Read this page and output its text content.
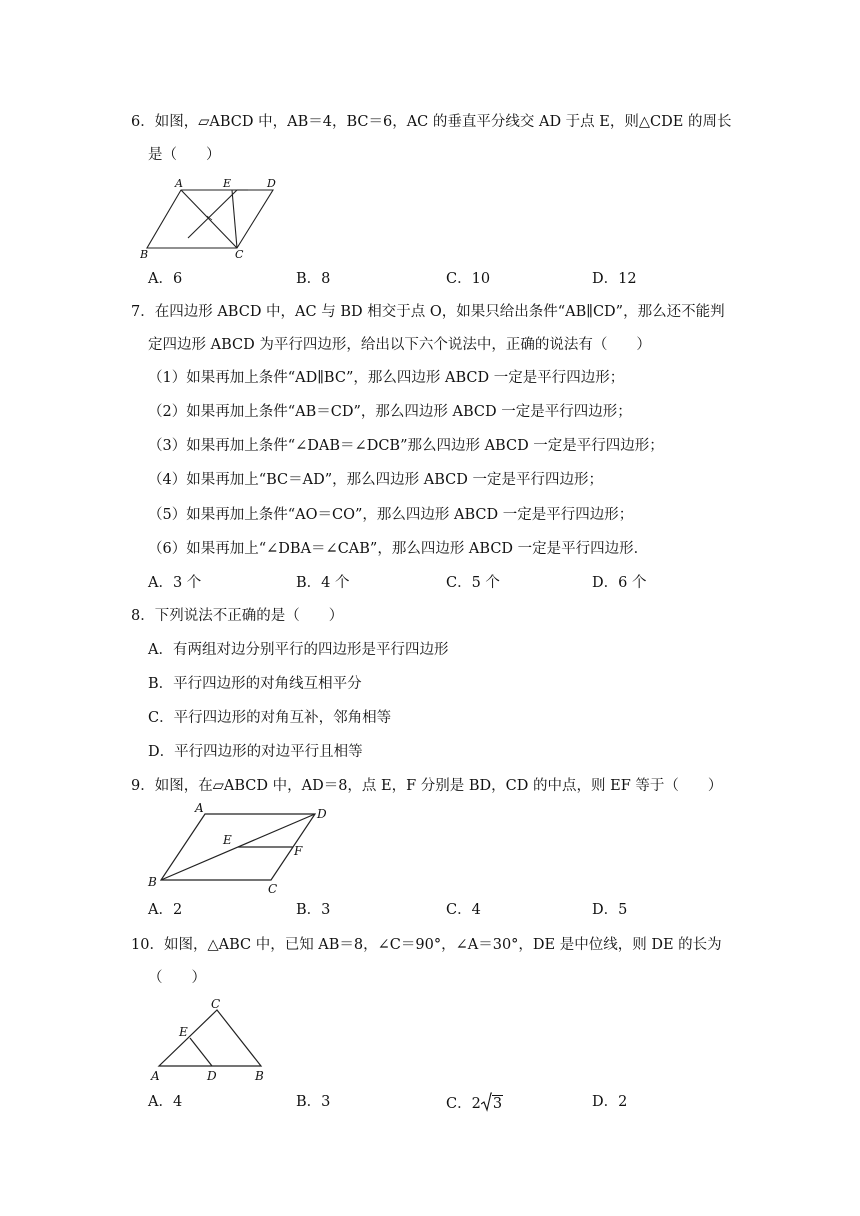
6．如图，▱ABCD 中，AB＝4，BC＝6，AC 的垂直平分线交 AD 于点 E，则△CDE 的周长
是（　　）
A	E	D
B	C
A．6	B．8	C．10	D．12
7．在四边形 ABCD 中，AC 与 BD 相交于点 O，如果只给出条件“AB∥CD”，那么还不能判
定四边形 ABCD 为平行四边形，给出以下六个说法中，正确的说法有（　　）
（1）如果再加上条件“AD∥BC”，那么四边形 ABCD 一定是平行四边形；
（2）如果再加上条件“AB＝CD”，那么四边形 ABCD 一定是平行四边形；
（3）如果再加上条件“∠DAB＝∠DCB”那么四边形 ABCD 一定是平行四边形；
（4）如果再加上“BC＝AD”，那么四边形 ABCD 一定是平行四边形；
（5）如果再加上条件“AO＝CO”，那么四边形 ABCD 一定是平行四边形；
（6）如果再加上“∠DBA＝∠CAB”，那么四边形 ABCD 一定是平行四边形．
A．3 个	B．4 个	C．5 个	D．6 个
8．下列说法不正确的是（　　）
A．有两组对边分别平行的四边形是平行四边形
B．平行四边形的对角线互相平分
C．平行四边形的对角互补，邻角相等
D．平行四边形的对边平行且相等
9．如图，在▱ABCD 中，AD＝8，点 E，F 分别是 BD，CD 的中点，则 EF 等于（　　）
A	D
E
F
B	C
A．2	B．3	C．4	D．5
10．如图，△ABC 中，已知 AB＝8，∠C＝90°，∠A＝30°，DE 是中位线，则 DE 的长为
（　　）
C
E
A	D	B
A．4	B．3	C．2 3	D．2
